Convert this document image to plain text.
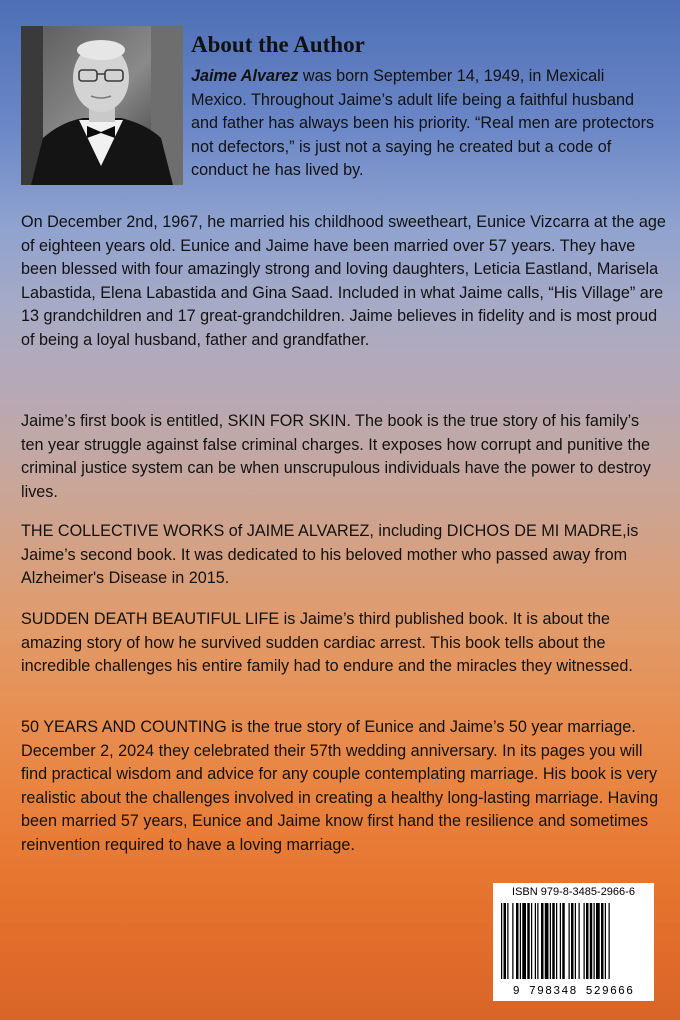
About the Author

Jaime Alvarez was born September 14, 1949, in Mexicali Mexico. Throughout Jaime’s adult life being a faithful husband and father has always been his priority. “Real men are protectors not defectors,” is just not a saying he created but a code of conduct he has lived by.

On December 2nd, 1967, he married his childhood sweetheart, Eunice Vizcarra at the age of eighteen years old. Eunice and Jaime have been married over 57 years. They have been blessed with four amazingly strong and loving daughters, Leticia Eastland, Marisela Labastida, Elena Labastida and Gina Saad. Included in what Jaime calls, “His Village” are 13 grandchildren and 17 great-grandchildren. Jaime believes in fidelity and is most proud of being a loyal husband, father and grandfather.

Jaime’s first book is entitled, SKIN FOR SKIN. The book is the true story of his family’s ten year struggle against false criminal charges. It exposes how corrupt and punitive the criminal justice system can be when unscrupulous individuals have the power to destroy lives.

THE COLLECTIVE WORKS of JAIME ALVAREZ, including DICHOS DE MI MADRE,is Jaime’s second book. It was dedicated to his beloved mother who passed away from Alzheimer's Disease in 2015.

SUDDEN DEATH BEAUTIFUL LIFE is Jaime’s third published book. It is about the amazing story of how he survived sudden cardiac arrest. This book tells about the incredible challenges his entire family had to endure and the miracles they witnessed.

50 YEARS AND COUNTING is the true story of Eunice and Jaime’s 50 year marriage. December 2, 2024 they celebrated their 57th wedding anniversary. In its pages you will find practical wisdom and advice for any couple contemplating marriage. His book is very realistic about the challenges involved in creating a healthy long-lasting marriage. Having been married 57 years, Eunice and Jaime know first hand the resilience and sometimes reinvention required to have a loving marriage.

ISBN 979-8-3485-2966-6
9 798348 529666
